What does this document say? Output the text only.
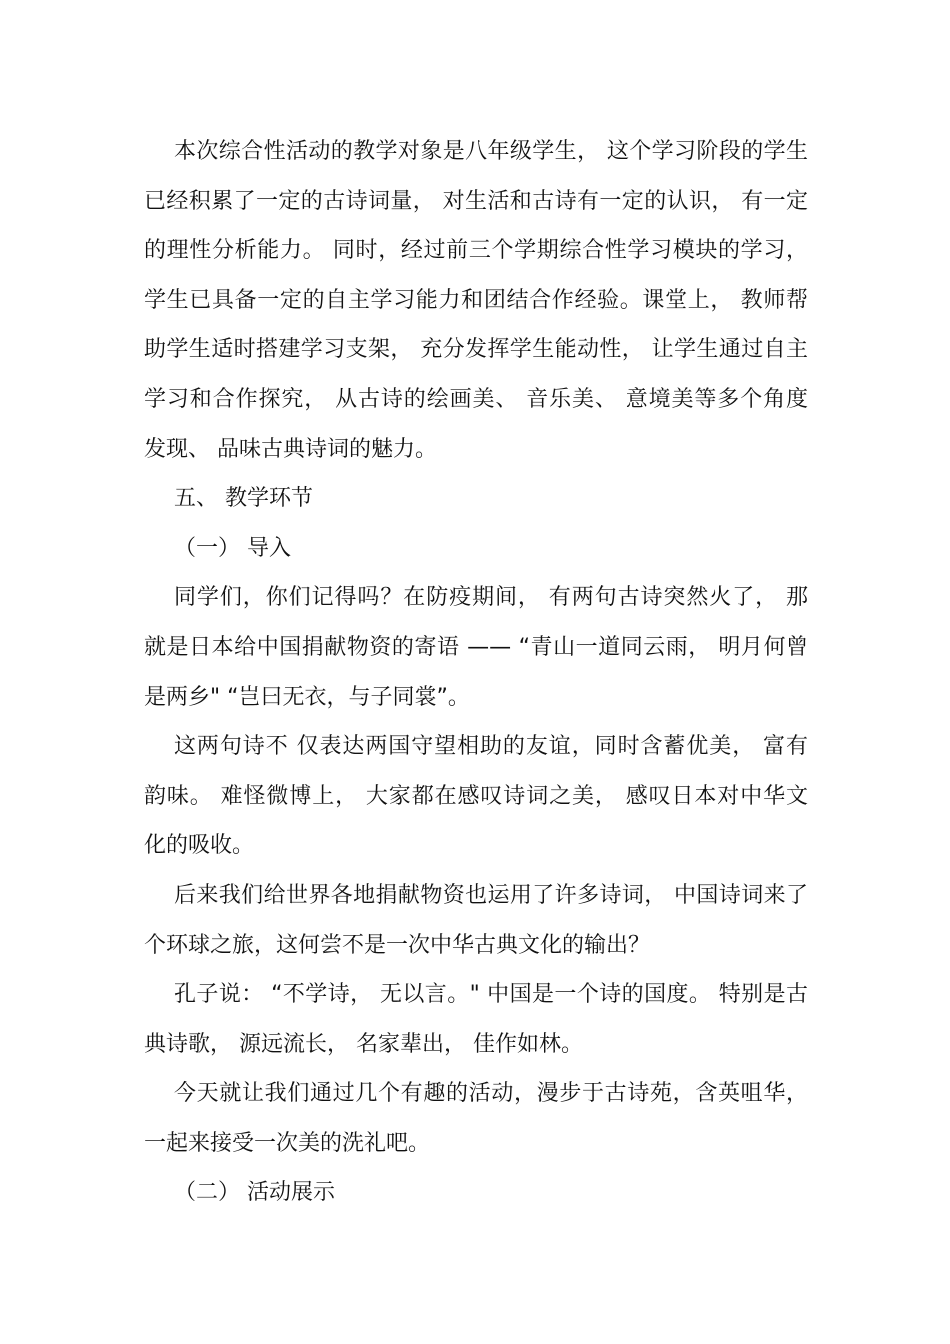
本次综合性活动的教学对象是八年级学生， 这个学习阶段的学生
已经积累了一定的古诗词量， 对生活和古诗有一定的认识， 有一定
的理性分析能力。 同时，经过前三个学期综合性学习模块的学习，
学生已具备一定的自主学习能力和团结合作经验。课堂上， 教师帮
助学生适时搭建学习支架， 充分发挥学生能动性， 让学生通过自主
学习和合作探究， 从古诗的绘画美、 音乐美、 意境美等多个角度
发现、 品味古典诗词的魅力。
五、 教学环节
（一） 导入
同学们，你们记得吗？在防疫期间， 有两句古诗突然火了， 那
就是日本给中国捐献物资的寄语 —— “青山一道同云雨， 明月何曾
是两乡" “岂曰无衣，与子同裳”。
这两句诗不 仅表达两国守望相助的友谊，同时含蓄优美， 富有
韵味。 难怪微博上， 大家都在感叹诗词之美， 感叹日本对中华文
化的吸收。
后来我们给世界各地捐献物资也运用了许多诗词， 中国诗词来了
个环球之旅，这何尝不是一次中华古典文化的输出？
孔子说： “不学诗， 无以言。" 中国是一个诗的国度。 特别是古
典诗歌， 源远流长， 名家辈出， 佳作如林。
今天就让我们通过几个有趣的活动，漫步于古诗苑，含英咀华，
一起来接受一次美的洗礼吧。
（二） 活动展示
